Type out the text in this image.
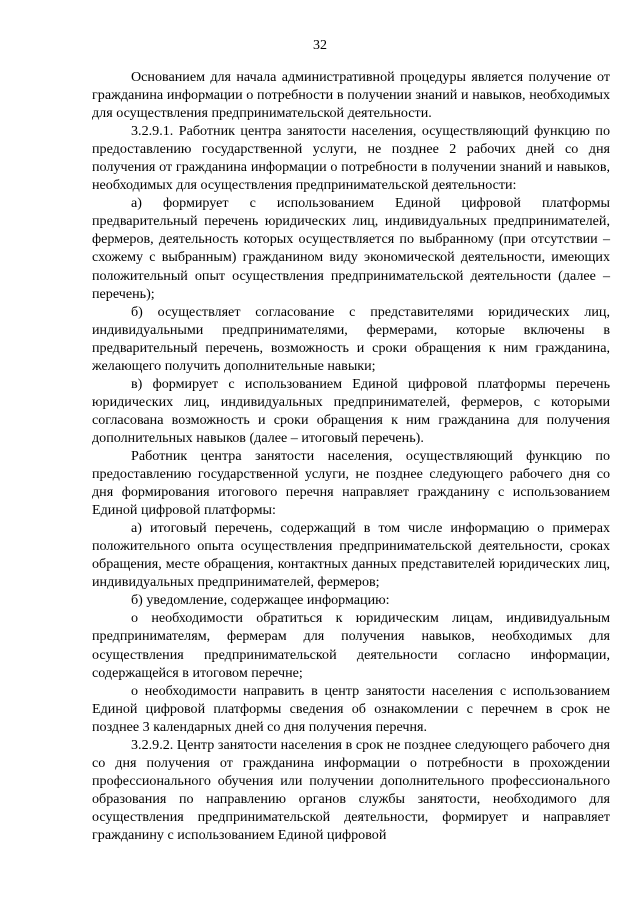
32

Основанием для начала административной процедуры является получение от гражданина информации о потребности в получении знаний и навыков, необходимых для осуществления предпринимательской деятельности.

3.2.9.1. Работник центра занятости населения, осуществляющий функцию по предоставлению государственной услуги, не позднее 2 рабочих дней со дня получения от гражданина информации о потребности в получении знаний и навыков, необходимых для осуществления предпринимательской деятельности:

а) формирует с использованием Единой цифровой платформы предварительный перечень юридических лиц, индивидуальных предпринимателей, фермеров, деятельность которых осуществляется по выбранному (при отсутствии – схожему с выбранным) гражданином виду экономической деятельности, имеющих положительный опыт осуществления предпринимательской деятельности (далее – перечень);

б) осуществляет согласование с представителями юридических лиц, индивидуальными предпринимателями, фермерами, которые включены в предварительный перечень, возможность и сроки обращения к ним гражданина, желающего получить дополнительные навыки;

в) формирует с использованием Единой цифровой платформы перечень юридических лиц, индивидуальных предпринимателей, фермеров, с которыми согласована возможность и сроки обращения к ним гражданина для получения дополнительных навыков (далее – итоговый перечень).

Работник центра занятости населения, осуществляющий функцию по предоставлению государственной услуги, не позднее следующего рабочего дня со дня формирования итогового перечня направляет гражданину с использованием Единой цифровой платформы:

а) итоговый перечень, содержащий в том числе информацию о примерах положительного опыта осуществления предпринимательской деятельности, сроках обращения, месте обращения, контактных данных представителей юридических лиц, индивидуальных предпринимателей, фермеров;

б) уведомление, содержащее информацию:

о необходимости обратиться к юридическим лицам, индивидуальным предпринимателям, фермерам для получения навыков, необходимых для осуществления предпринимательской деятельности согласно информации, содержащейся в итоговом перечне;

о необходимости направить в центр занятости населения с использованием Единой цифровой платформы сведения об ознакомлении с перечнем в срок не позднее 3 календарных дней со дня получения перечня.

3.2.9.2. Центр занятости населения в срок не позднее следующего рабочего дня со дня получения от гражданина информации о потребности в прохождении профессионального обучения или получении дополнительного профессионального образования по направлению органов службы занятости, необходимого для осуществления предпринимательской деятельности, формирует и направляет гражданину с использованием Единой цифровой
